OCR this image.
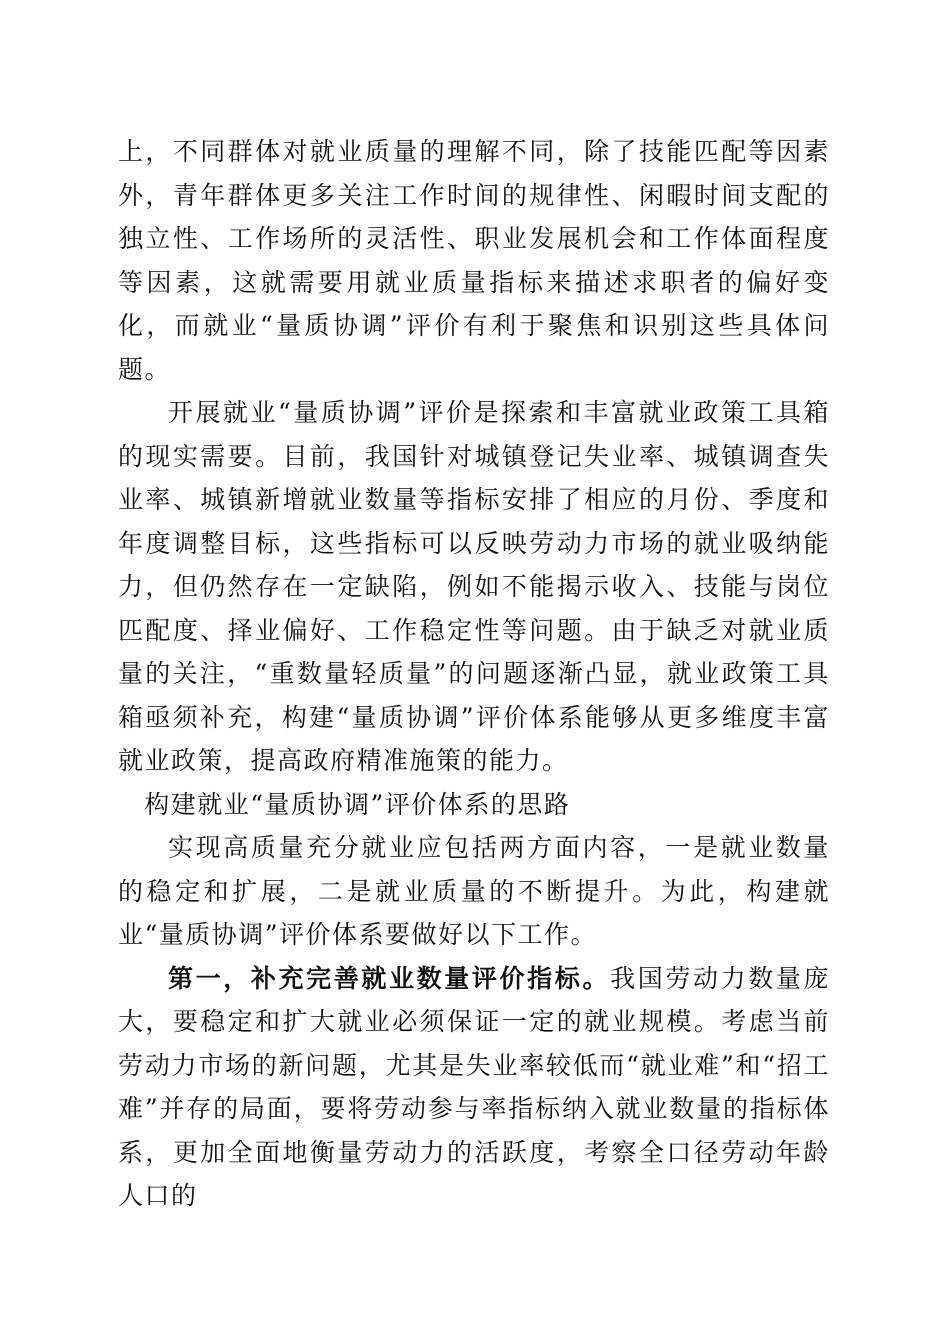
上，不同群体对就业质量的理解不同，除了技能匹配等因素外，青年群体更多关注工作时间的规律性、闲暇时间支配的独立性、工作场所的灵活性、职业发展机会和工作体面程度等因素，这就需要用就业质量指标来描述求职者的偏好变化，而就业“量质协调”评价有利于聚焦和识别这些具体问题。

开展就业“量质协调”评价是探索和丰富就业政策工具箱的现实需要。目前，我国针对城镇登记失业率、城镇调查失业率、城镇新增就业数量等指标安排了相应的月份、季度和年度调整目标，这些指标可以反映劳动力市场的就业吸纳能力，但仍然存在一定缺陷，例如不能揭示收入、技能与岗位匹配度、择业偏好、工作稳定性等问题。由于缺乏对就业质量的关注，“重数量轻质量”的问题逐渐凸显，就业政策工具箱亟须补充，构建“量质协调”评价体系能够从更多维度丰富就业政策，提高政府精准施策的能力。

构建就业“量质协调”评价体系的思路

实现高质量充分就业应包括两方面内容，一是就业数量的稳定和扩展，二是就业质量的不断提升。为此，构建就业“量质协调”评价体系要做好以下工作。

第一，补充完善就业数量评价指标。我国劳动力数量庞大，要稳定和扩大就业必须保证一定的就业规模。考虑当前劳动力市场的新问题，尤其是失业率较低而“就业难”和“招工难”并存的局面，要将劳动参与率指标纳入就业数量的指标体系，更加全面地衡量劳动力的活跃度，考察全口径劳动年龄人口的
